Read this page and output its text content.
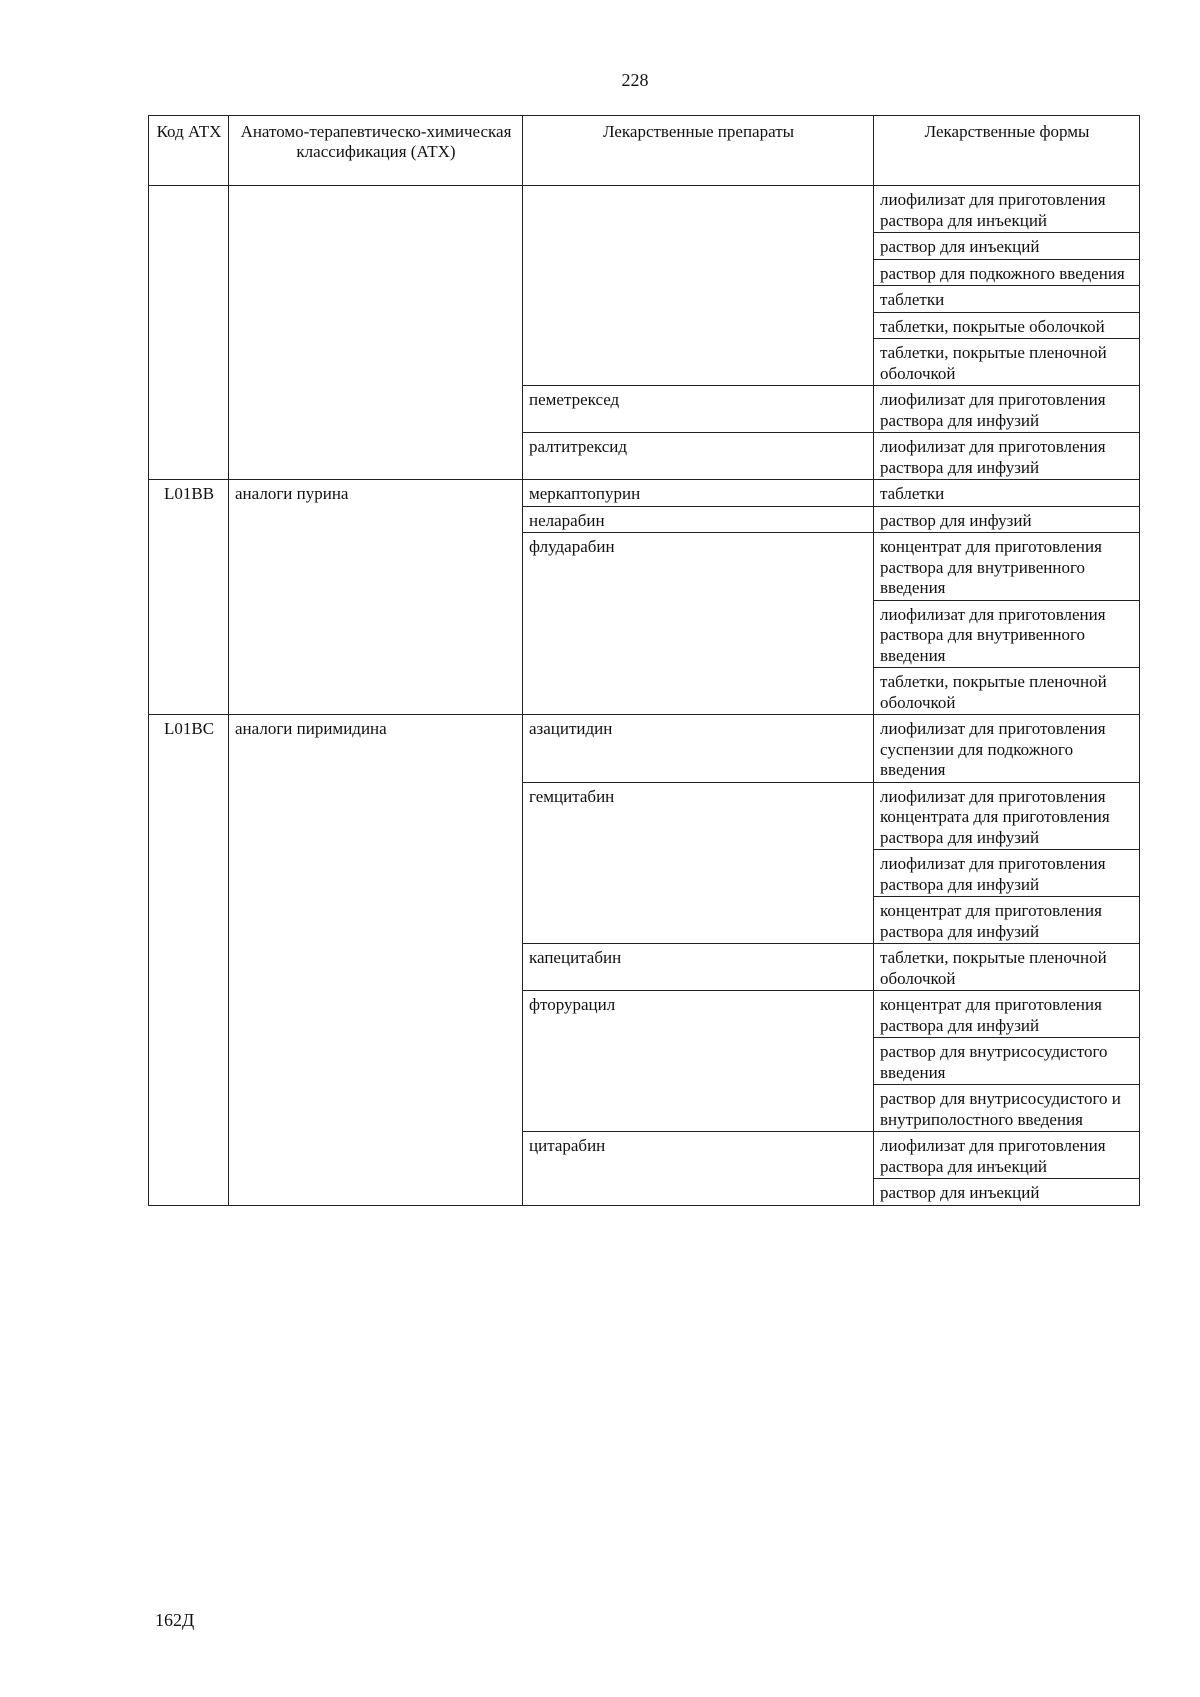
228
Код АТХ	Анатомо-терапевтическо-химическая классификация (АТХ)	Лекарственные препараты	Лекарственные формы
			лиофилизат для приготовления раствора для инъекций
			раствор для инъекций
			раствор для подкожного введения
			таблетки
			таблетки, покрытые оболочкой
			таблетки, покрытые пленочной оболочкой
		пеметрексед	лиофилизат для приготовления раствора для инфузий
		ралтитрексид	лиофилизат для приготовления раствора для инфузий
L01BB	аналоги пурина	меркаптопурин	таблетки
		неларабин	раствор для инфузий
		флударабин	концентрат для приготовления раствора для внутривенного введения
			лиофилизат для приготовления раствора для внутривенного введения
			таблетки, покрытые пленочной оболочкой
L01BC	аналоги пиримидина	азацитидин	лиофилизат для приготовления суспензии для подкожного введения
		гемцитабин	лиофилизат для приготовления концентрата для приготовления раствора для инфузий
			лиофилизат для приготовления раствора для инфузий
			концентрат для приготовления раствора для инфузий
		капецитабин	таблетки, покрытые пленочной оболочкой
		фторурацил	концентрат для приготовления раствора для инфузий
			раствор для внутрисосудистого введения
			раствор для внутрисосудистого и внутриполостного введения
		цитарабин	лиофилизат для приготовления раствора для инъекций
			раствор для инъекций
162Д
